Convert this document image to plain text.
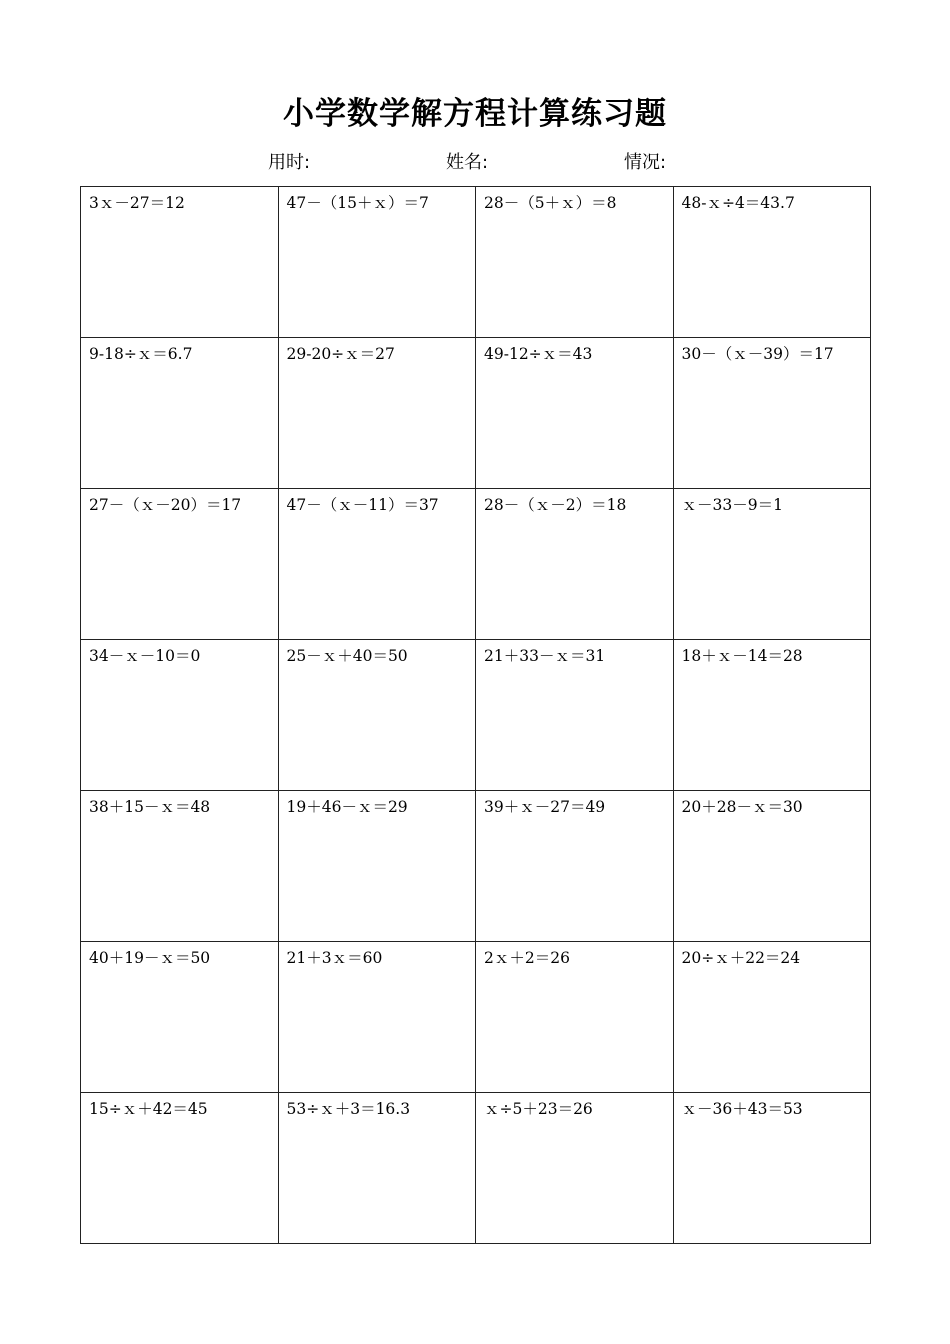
小学数学解方程计算练习题
用时:	姓名:	情况:
3ｘ－27＝12	47－（15＋ｘ）＝7	28－（5＋ｘ）＝8	48-ｘ÷4＝43.7

9-18÷ｘ＝6.7	29-20÷ｘ＝27	49-12÷ｘ＝43	30－（ｘ－39）＝17

27－（ｘ－20）＝17	47－（ｘ－11）＝37	28－（ｘ－2）＝18	ｘ－33－9＝1

34－ｘ－10＝0	25－ｘ＋40＝50	21＋33－ｘ＝31	18＋ｘ－14＝28

38＋15－ｘ＝48	19＋46－ｘ＝29	39＋ｘ－27＝49	20＋28－ｘ＝30

40＋19－ｘ＝50	21＋3ｘ＝60	2ｘ＋2＝26	20÷ｘ＋22＝24

15÷ｘ＋42＝45	53÷ｘ＋3＝16.3	ｘ÷5＋23＝26	ｘ－36＋43＝53
